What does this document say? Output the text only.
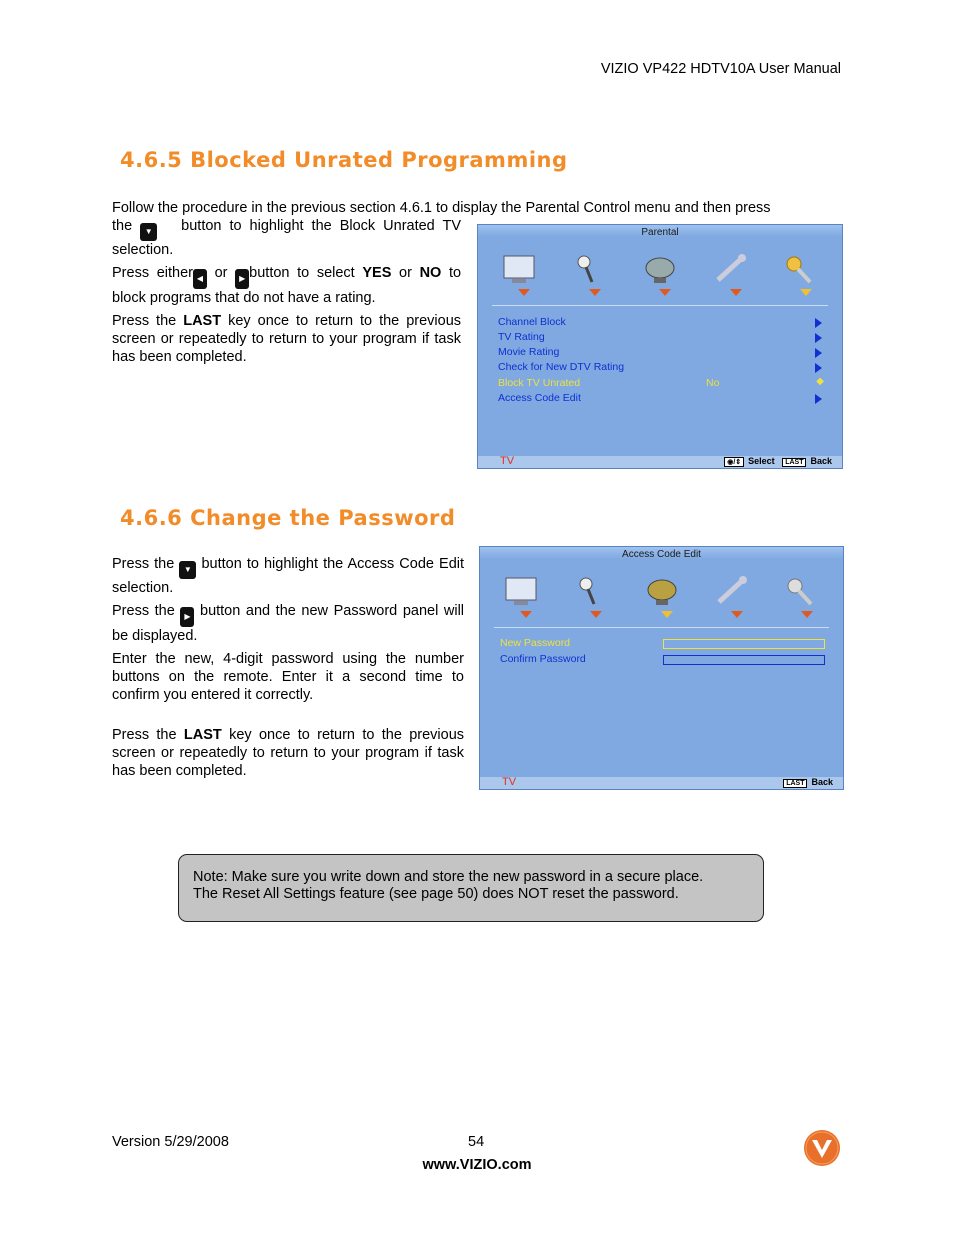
VIZIO VP422 HDTV10A User Manual
4.6.5 Blocked Unrated Programming
Follow the procedure in the previous section 4.6.1 to display the Parental Control menu and then press

the ▼ button to highlight the Block Unrated TV selection.

Press either ◀ or ▶ button to select YES or NO to block programs that do not have a rating.

Press the LAST key once to return to the previous screen or repeatedly to return to your program if task has been completed.

Parental
Channel Block
TV Rating
Movie Rating
Check for New DTV Rating
Block TV Unrated	No	◆
Access Code Edit
TV	◉/⇕ Select LAST Back
4.6.6 Change the Password

Press the ▼ button to highlight the Access Code Edit selection.

Press the ▶ button and the new Password panel will be displayed.

Enter the new, 4-digit password using the number buttons on the remote. Enter it a second time to confirm you entered it correctly.

Press the LAST key once to return to the previous screen or repeatedly to return to your program if task has been completed.

Access Code Edit
New Password
Confirm Password
TV	LAST Back
Note: Make sure you write down and store the new password in a secure place.
The Reset All Settings feature (see page 50) does NOT reset the password.
Version 5/29/2008	54
www.VIZIO.com
